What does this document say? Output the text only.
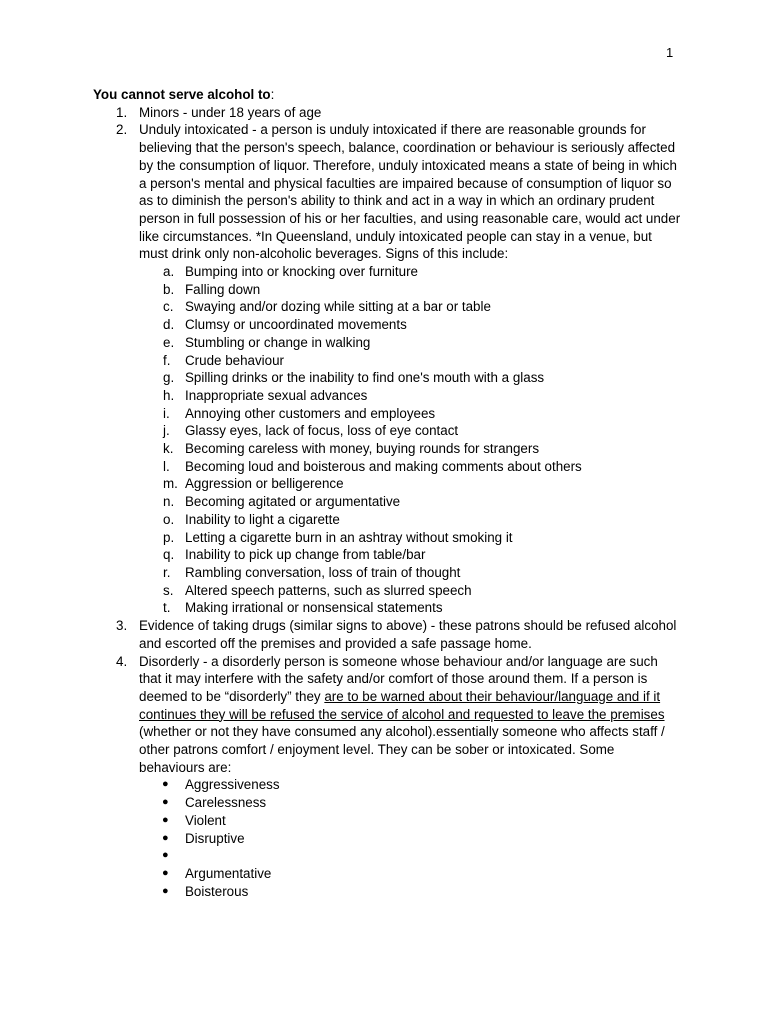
1

You cannot serve alcohol to:

1. Minors - under 18 years of age
2. Unduly intoxicated - a person is unduly intoxicated if there are reasonable grounds for believing that the person's speech, balance, coordination or behaviour is seriously affected by the consumption of liquor. Therefore, unduly intoxicated means a state of being in which a person's mental and physical faculties are impaired because of consumption of liquor so as to diminish the person's ability to think and act in a way in which an ordinary prudent person in full possession of his or her faculties, and using reasonable care, would act under like circumstances. *In Queensland, unduly intoxicated people can stay in a venue, but must drink only non-alcoholic beverages. Signs of this include:
a. Bumping into or knocking over furniture
b. Falling down
c. Swaying and/or dozing while sitting at a bar or table
d. Clumsy or uncoordinated movements
e. Stumbling or change in walking
f. Crude behaviour
g. Spilling drinks or the inability to find one's mouth with a glass
h. Inappropriate sexual advances
i. Annoying other customers and employees
j. Glassy eyes, lack of focus, loss of eye contact
k. Becoming careless with money, buying rounds for strangers
l. Becoming loud and boisterous and making comments about others
m. Aggression or belligerence
n. Becoming agitated or argumentative
o. Inability to light a cigarette
p. Letting a cigarette burn in an ashtray without smoking it
q. Inability to pick up change from table/bar
r. Rambling conversation, loss of train of thought
s. Altered speech patterns, such as slurred speech
t. Making irrational or nonsensical statements
3. Evidence of taking drugs (similar signs to above) - these patrons should be refused alcohol and escorted off the premises and provided a safe passage home.
4. Disorderly - a disorderly person is someone whose behaviour and/or language are such that it may interfere with the safety and/or comfort of those around them. If a person is deemed to be “disorderly” they are to be warned about their behaviour/language and if it continues they will be refused the service of alcohol and requested to leave the premises (whether or not they have consumed any alcohol).essentially someone who affects staff / other patrons comfort / enjoyment level. They can be sober or intoxicated. Some behaviours are:
● Aggressiveness
● Carelessness
● Violent
● Disruptive
●
● Argumentative
● Boisterous
